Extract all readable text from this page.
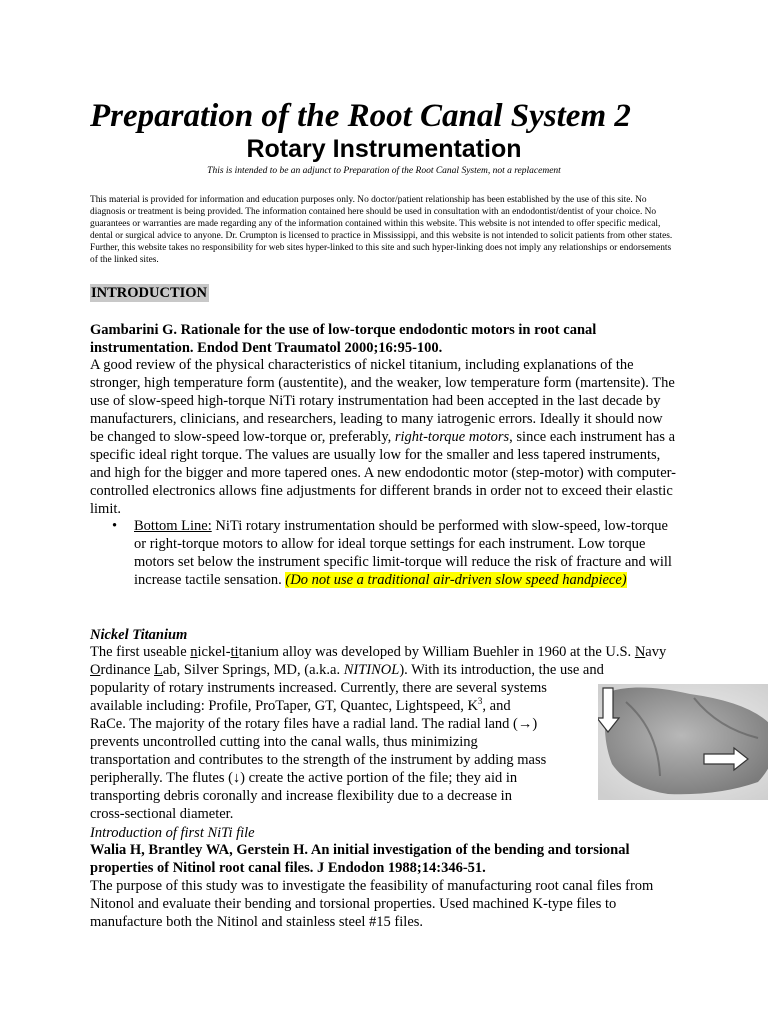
Preparation of the Root Canal System 2
Rotary Instrumentation
This is intended to be an adjunct to Preparation of the Root Canal System, not a replacement
This material is provided for information and education purposes only. No doctor/patient relationship has been established by the use of this site. No diagnosis or treatment is being provided. The information contained here should be used in consultation with an endodontist/dentist of your choice. No guarantees or warranties are made regarding any of the information contained within this website. This website is not intended to offer specific medical, dental or surgical advice to anyone. Dr. Crumpton is licensed to practice in Mississippi, and this website is not intended to solicit patients from other states. Further, this website takes no responsibility for web sites hyper-linked to this site and such hyper-linking does not imply any relationships or endorsements of the linked sites.
INTRODUCTION

Gambarini G. Rationale for the use of low-torque endodontic motors in root canal instrumentation. Endod Dent Traumatol 2000;16:95-100.

A good review of the physical characteristics of nickel titanium, including explanations of the stronger, high temperature form (austentite), and the weaker, low temperature form (martensite). The use of slow-speed high-torque NiTi rotary instrumentation had been accepted in the last decade by manufacturers, clinicians, and researchers, leading to many iatrogenic errors. Ideally it should now be changed to slow-speed low-torque or, preferably, right-torque motors, since each instrument has a specific ideal right torque. The values are usually low for the smaller and less tapered instruments, and high for the bigger and more tapered ones. A new endodontic motor (step-motor) with computer-controlled electronics allows fine adjustments for different brands in order not to exceed their elastic limit.

• Bottom Line: NiTi rotary instrumentation should be performed with slow-speed, low-torque or right-torque motors to allow for ideal torque settings for each instrument. Low torque motors set below the instrument specific limit-torque will reduce the risk of fracture and will increase tactile sensation. (Do not use a traditional air-driven slow speed handpiece)

Nickel Titanium

The first useable nickel-titanium alloy was developed by William Buehler in 1960 at the U.S. Navy Ordinance Lab, Silver Springs, MD, (a.k.a. NITINOL). With its introduction, the use and

popularity of rotary instruments increased. Currently, there are several systems available including: Profile, ProTaper, GT, Quantec, Lightspeed, $K^3$, and RaCe. The majority of the rotary files have a radial land. The radial land (→) prevents uncontrolled cutting into the canal walls, thus minimizing transportation and contributes to the strength of the instrument by adding mass peripherally. The flutes (↓) create the active portion of the file; they aid in transporting debris coronally and increase flexibility due to a decrease in cross-sectional diameter.

Introduction of first NiTi file

Walia H, Brantley WA, Gerstein H. An initial investigation of the bending and torsional properties of Nitinol root canal files. J Endodon 1988;14:346-51.

The purpose of this study was to investigate the feasibility of manufacturing root canal files from Nitonol and evaluate their bending and torsional properties. Used machined K-type files to manufacture both the Nitinol and stainless steel #15 files.
